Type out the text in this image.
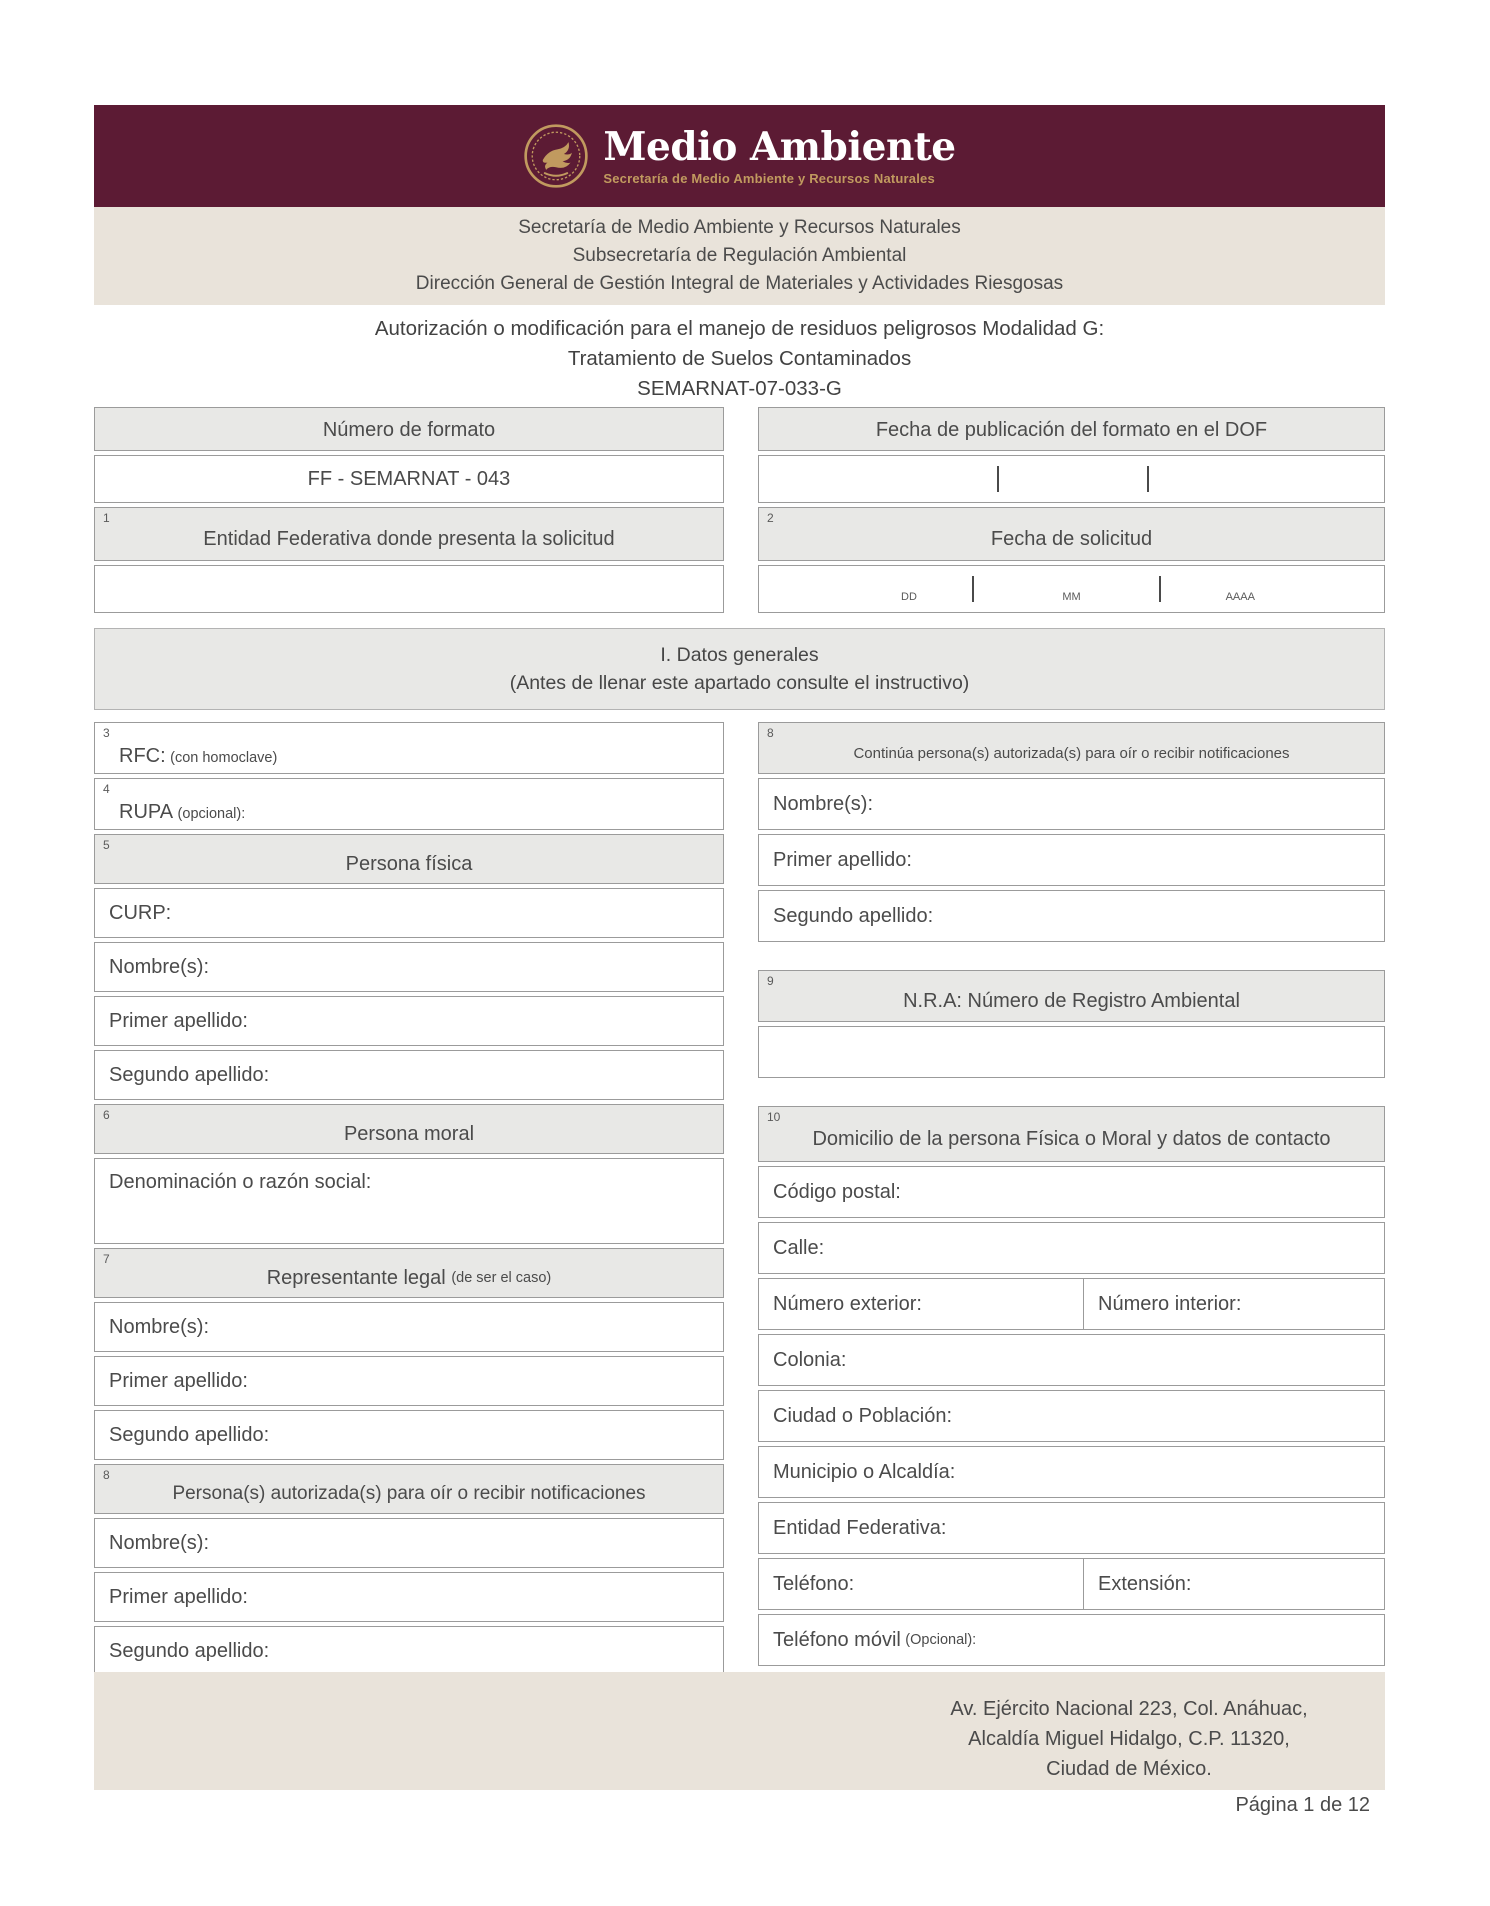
Medio Ambiente
Secretaría de Medio Ambiente y Recursos Naturales
Secretaría de Medio Ambiente y Recursos Naturales
Subsecretaría de Regulación Ambiental
Dirección General de Gestión Integral de Materiales y Actividades Riesgosas
Autorización o modificación para el manejo de residuos peligrosos Modalidad G:
Tratamiento de Suelos Contaminados
SEMARNAT-07-033-G
Número de formato
FF - SEMARNAT - 043
1
Entidad Federativa donde presenta la solicitud
Fecha de publicación del formato en el DOF
2
Fecha de solicitud
DD	MM	AAAA
I. Datos generales
(Antes de llenar este apartado consulte el instructivo)
3
RFC: (con homoclave)
4
RUPA (opcional):
5
Persona física
CURP:
Nombre(s):
Primer apellido:
Segundo apellido:
6
Persona moral
Denominación o razón social:
7
Representante legal
(de ser el caso)
Nombre(s):
Primer apellido:
Segundo apellido:
8
Persona(s) autorizada(s) para oír o recibir notificaciones
Nombre(s):
Primer apellido:
Segundo apellido:
8
Continúa persona(s) autorizada(s) para oír o recibir notificaciones
Nombre(s):
Primer apellido:
Segundo apellido:
9
N.R.A: Número de Registro Ambiental
10
Domicilio de la persona Física o Moral y datos de contacto
Código postal:
Calle:
Número exterior:	Número interior:
Colonia:
Ciudad o Población:
Municipio o Alcaldía:
Entidad Federativa:
Teléfono:	Extensión:
Teléfono móvil
(Opcional):
Av. Ejército Nacional 223, Col. Anáhuac,
Alcaldía Miguel Hidalgo, C.P. 11320,
Ciudad de México.
Página 1 de 12
